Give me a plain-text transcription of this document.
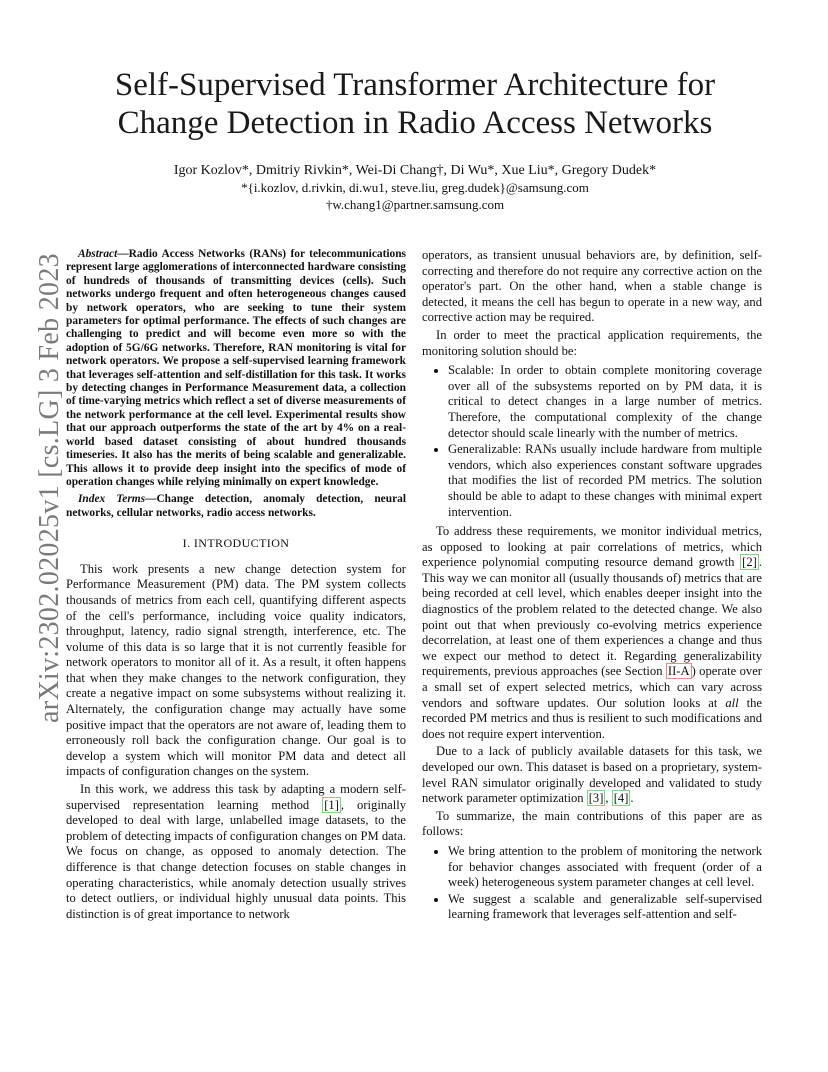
arXiv:2302.02025v1 [cs.LG] 3 Feb 2023
Self-Supervised Transformer Architecture for
Change Detection in Radio Access Networks
Igor Kozlov*, Dmitriy Rivkin*, Wei-Di Chang†, Di Wu*, Xue Liu*, Gregory Dudek*
*{i.kozlov, d.rivkin, di.wu1, steve.liu, greg.dudek}@samsung.com
†w.chang1@partner.samsung.com

Abstract—Radio Access Networks (RANs) for telecommunications represent large agglomerations of interconnected hardware consisting of hundreds of thousands of transmitting devices (cells). Such networks undergo frequent and often heterogeneous changes caused by network operators, who are seeking to tune their system parameters for optimal performance. The effects of such changes are challenging to predict and will become even more so with the adoption of 5G/6G networks. Therefore, RAN monitoring is vital for network operators. We propose a self-supervised learning framework that leverages self-attention and self-distillation for this task. It works by detecting changes in Performance Measurement data, a collection of time-varying metrics which reflect a set of diverse measurements of the network performance at the cell level. Experimental results show that our approach outperforms the state of the art by 4% on a real-world based dataset consisting of about hundred thousands timeseries. It also has the merits of being scalable and generalizable. This allows it to provide deep insight into the specifics of mode of operation changes while relying minimally on expert knowledge.

Index Terms—Change detection, anomaly detection, neural networks, cellular networks, radio access networks.

I. INTRODUCTION

This work presents a new change detection system for Performance Measurement (PM) data. The PM system collects thousands of metrics from each cell, quantifying different aspects of the cell's performance, including voice quality indicators, throughput, latency, radio signal strength, interference, etc. The volume of this data is so large that it is not currently feasible for network operators to monitor all of it. As a result, it often happens that when they make changes to the network configuration, they create a negative impact on some subsystems without realizing it. Alternately, the configuration change may actually have some positive impact that the operators are not aware of, leading them to erroneously roll back the configuration change. Our goal is to develop a system which will monitor PM data and detect all impacts of configuration changes on the system.

In this work, we address this task by adapting a modern self-supervised representation learning method [1] , originally developed to deal with large, unlabelled image datasets, to the problem of detecting impacts of configuration changes on PM data. We focus on change, as opposed to anomaly detection. The difference is that change detection focuses on stable changes in operating characteristics, while anomaly detection usually strives to detect outliers, or individual highly unusual data points. This distinction is of great importance to network

operators, as transient unusual behaviors are, by definition, self-correcting and therefore do not require any corrective action on the operator's part. On the other hand, when a stable change is detected, it means the cell has begun to operate in a new way, and corrective action may be required.

In order to meet the practical application requirements, the monitoring solution should be:

• Scalable: In order to obtain complete monitoring coverage over all of the subsystems reported on by PM data, it is critical to detect changes in a large number of metrics. Therefore, the computational complexity of the change detector should scale linearly with the number of metrics.
• Generalizable: RANs usually include hardware from multiple vendors, which also experiences constant software upgrades that modifies the list of recorded PM metrics. The solution should be able to adapt to these changes with minimal expert intervention.

To address these requirements, we monitor individual metrics, as opposed to looking at pair correlations of metrics, which experience polynomial computing resource demand growth [2] . This way we can monitor all (usually thousands of) metrics that are being recorded at cell level, which enables deeper insight into the diagnostics of the problem related to the detected change. We also point out that when previously co-evolving metrics experience decorrelation, at least one of them experiences a change and thus we expect our method to detect it. Regarding generalizability requirements, previous approaches (see Section II-A ) operate over a small set of expert selected metrics, which can vary across vendors and software updates. Our solution looks at all the recorded PM metrics and thus is resilient to such modifications and does not require expert intervention.

Due to a lack of publicly available datasets for this task, we developed our own. This dataset is based on a proprietary, system-level RAN simulator originally developed and validated to study network parameter optimization [3] , [4] .

To summarize, the main contributions of this paper are as follows:

• We bring attention to the problem of monitoring the network for behavior changes associated with frequent (order of a week) heterogeneous system parameter changes at cell level.
• We suggest a scalable and generalizable self-supervised learning framework that leverages self-attention and self-
